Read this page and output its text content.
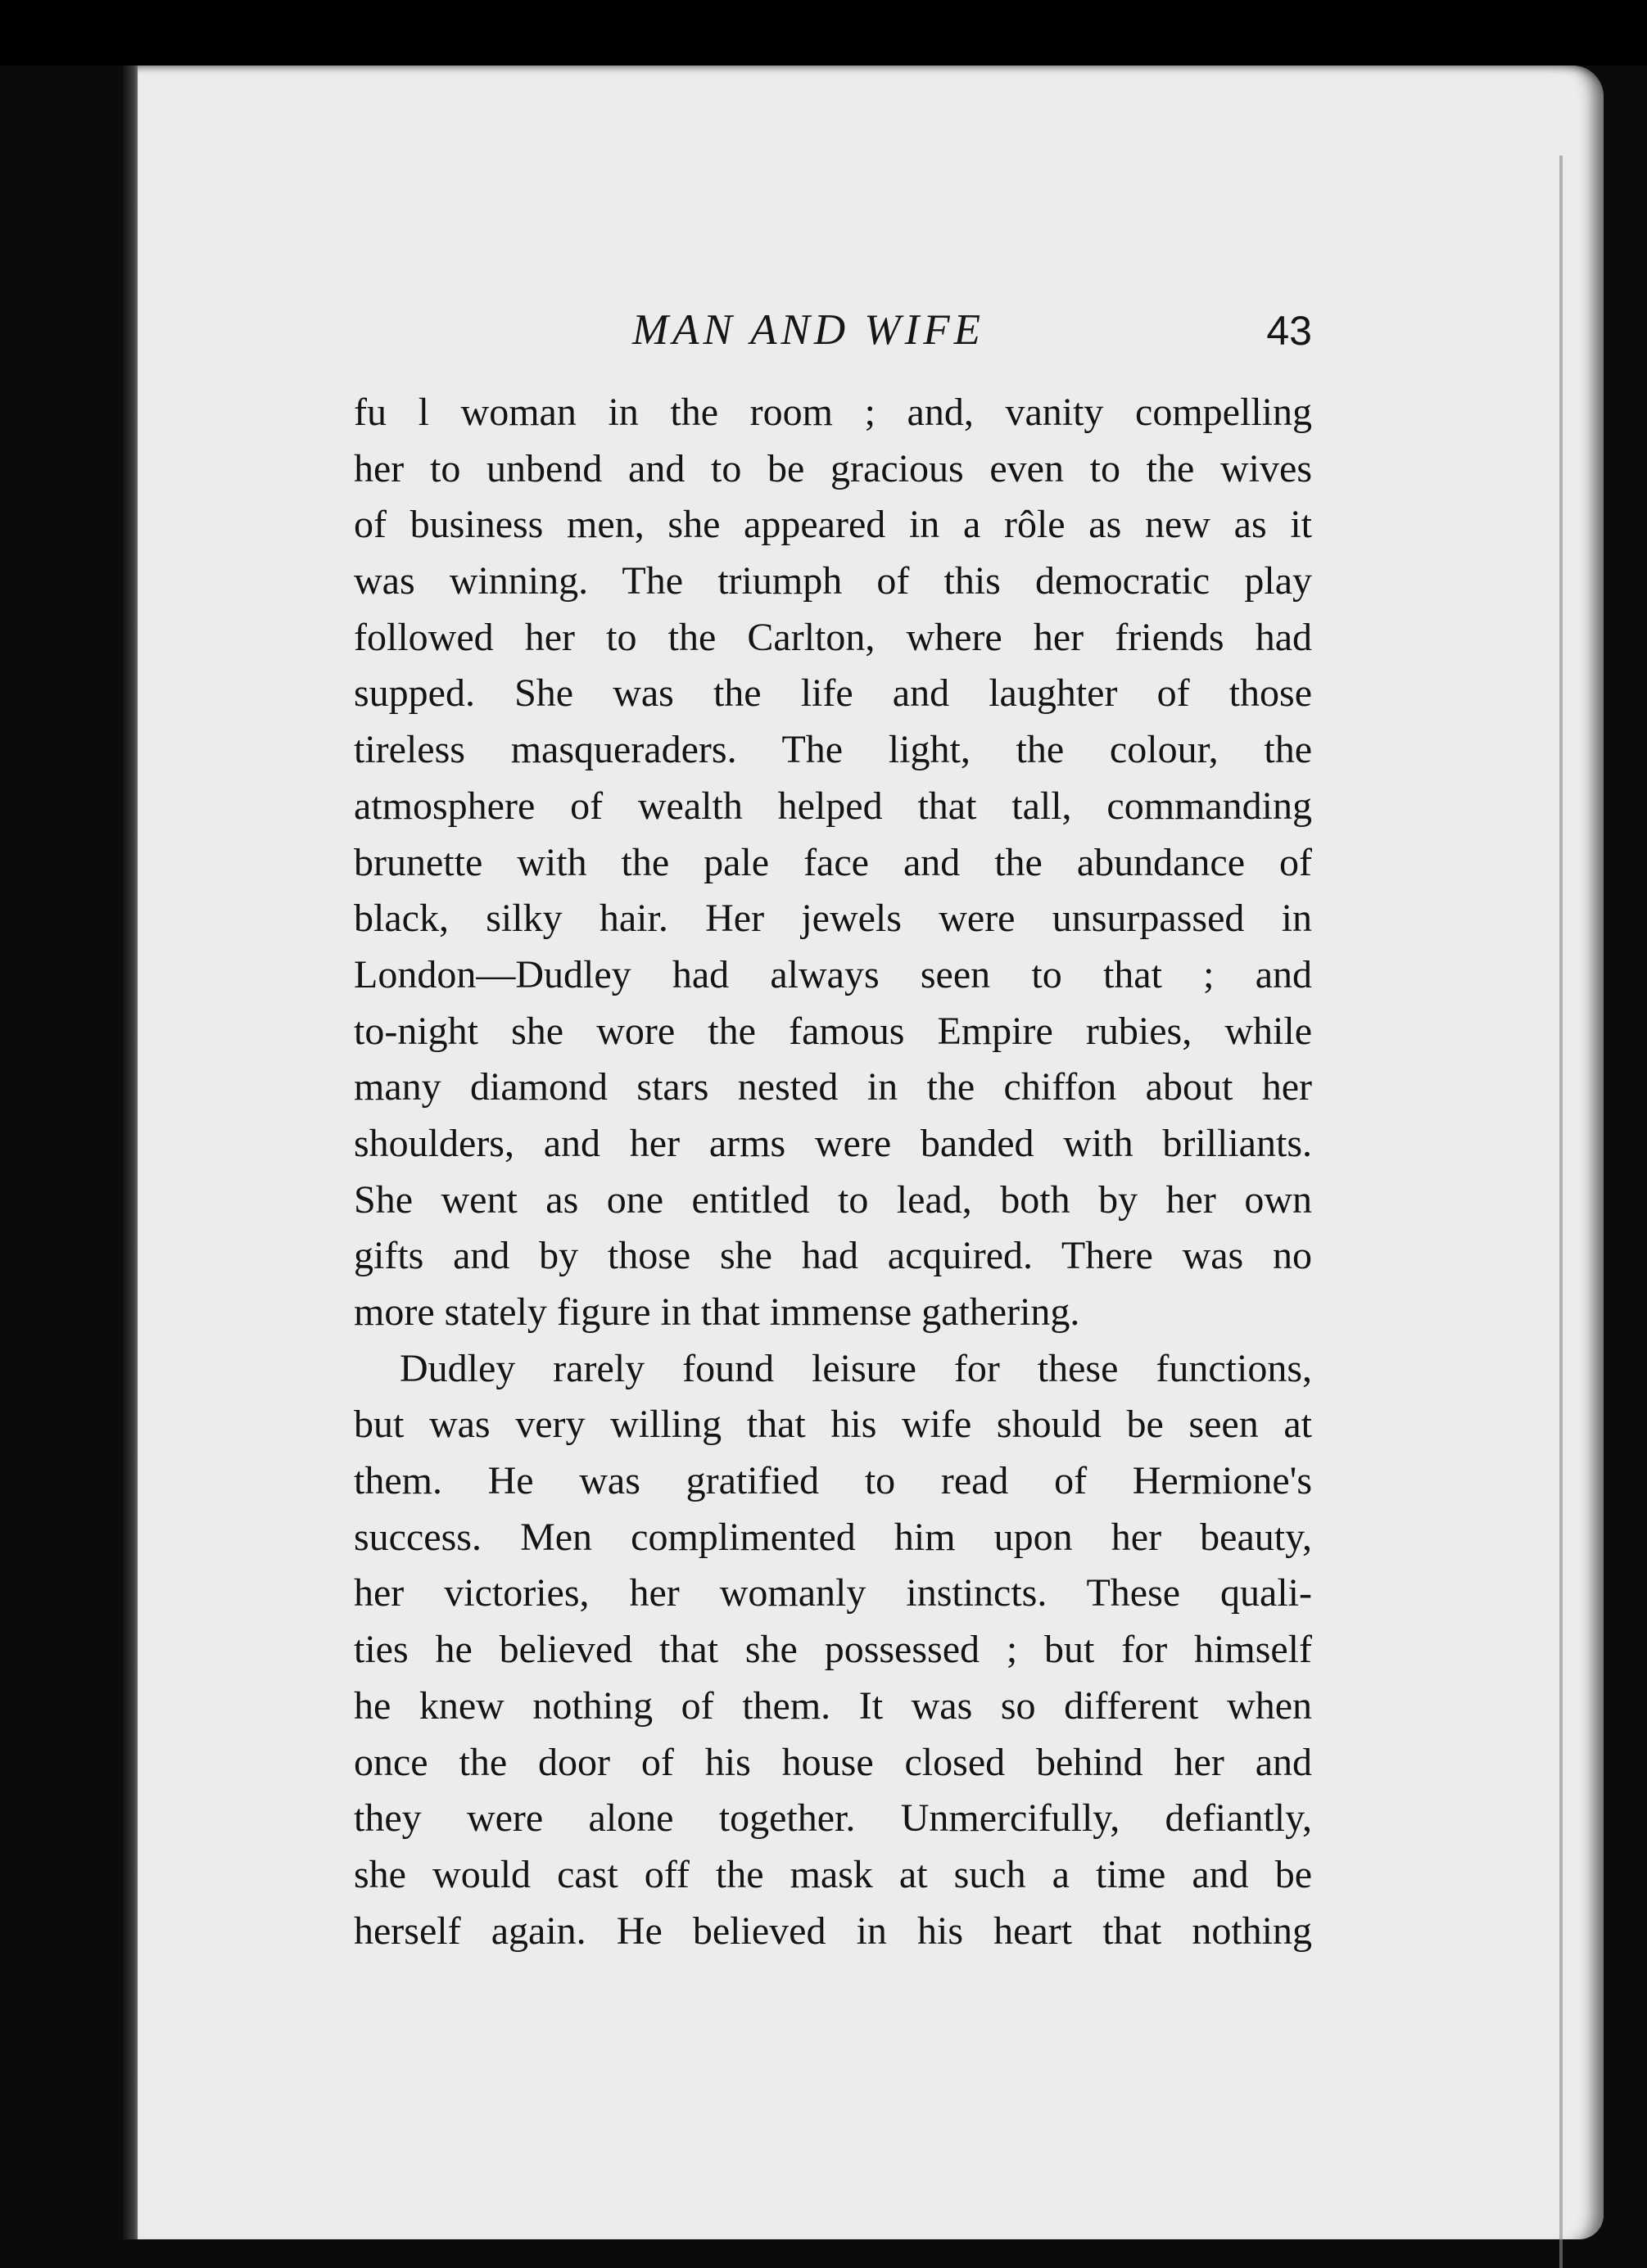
MAN AND WIFE	43
fu l woman in the room ; and, vanity compelling
her to unbend and to be gracious even to the wives
of business men, she appeared in a rôle as new as it
was winning. The triumph of this democratic play
followed her to the Carlton, where her friends had
supped. She was the life and laughter of those
tireless masqueraders. The light, the colour, the
atmosphere of wealth helped that tall, commanding
brunette with the pale face and the abundance of
black, silky hair. Her jewels were unsurpassed in
London—Dudley had always seen to that ; and
to-night she wore the famous Empire rubies, while
many diamond stars nested in the chiffon about her
shoulders, and her arms were banded with brilliants.
She went as one entitled to lead, both by her own
gifts and by those she had acquired. There was no
more stately figure in that immense gathering.
Dudley rarely found leisure for these functions,
but was very willing that his wife should be seen at
them. He was gratified to read of Hermione's
success. Men complimented him upon her beauty,
her victories, her womanly instincts. These quali-
ties he believed that she possessed ; but for himself
he knew nothing of them. It was so different when
once the door of his house closed behind her and
they were alone together. Unmercifully, defiantly,
she would cast off the mask at such a time and be
herself again. He believed in his heart that nothing
